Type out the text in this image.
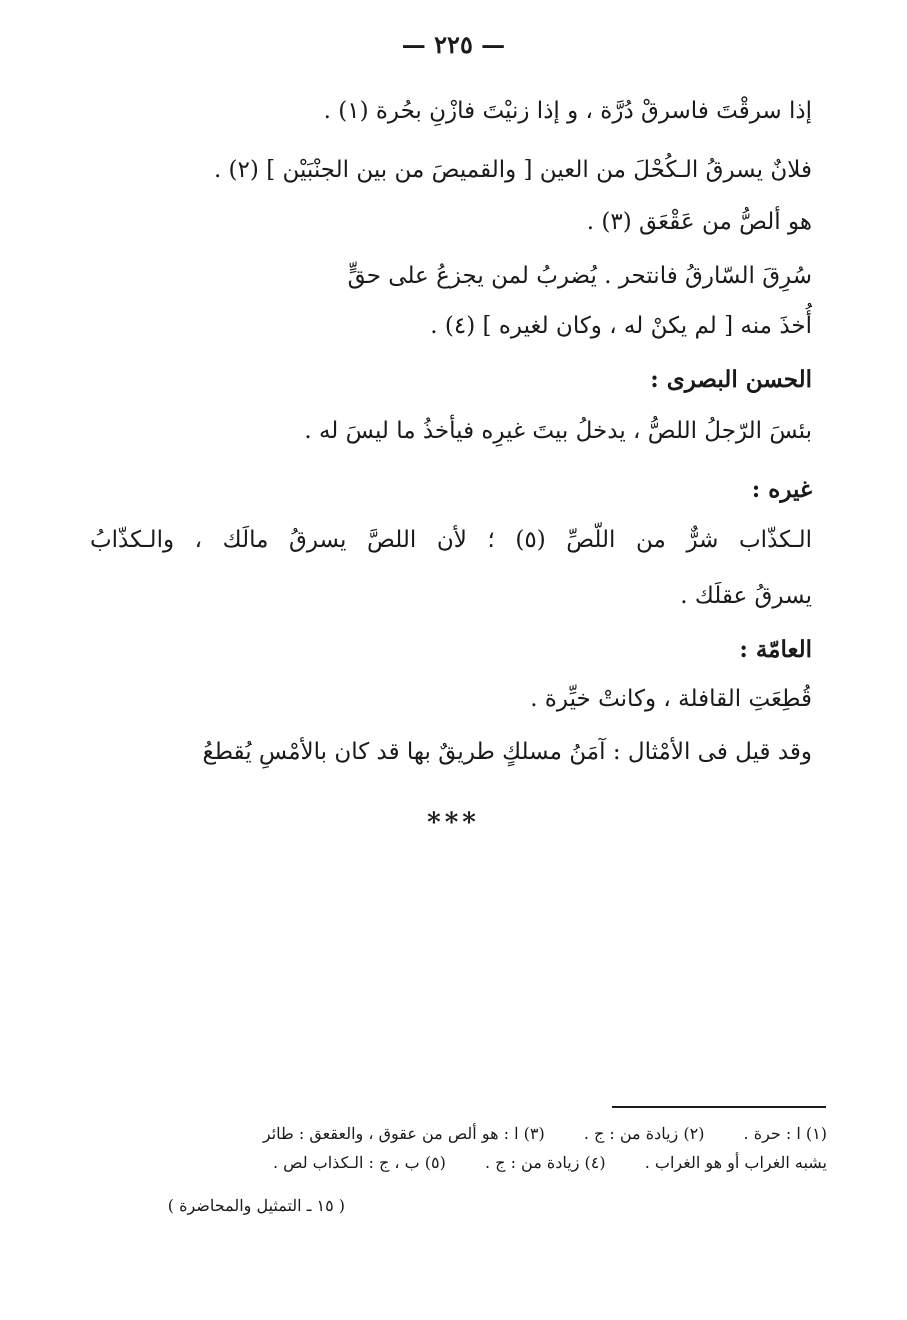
— ٢٢٥ —
إذا سرقْتَ فاسرقْ دُرَّة ، و إذا زنيْتَ فازْنِ بحُرة (١) .
فلانٌ يسرقُ الـكُحْلَ من العين [ والقميصَ من بين الجنْبَيْن ] (٢) .
هو ألصُّ من عَقْعَق (٣) .
سُرِقَ السّارقُ فانتحر . يُضربُ لمن يجزعُ على حقٍّ
أُخذَ منه [ لم يكنْ له ، وكان لغيره ] (٤) .
الحسن البصرى :
بئسَ الرّجلُ اللصُّ ، يدخلُ بيتَ غيرِه فيأخذُ ما ليسَ له .
غيره :
الـكذّاب شرٌّ من اللّصِّ (٥) ؛ لأن اللصَّ يسرقُ مالَك ، والـكذّابُ
يسرقُ عقلَك .
العامّة :
قُطِعَتِ القافلة ، وكانتْ خيِّرة .
وقد قيل فى الأمْثال : آمَنُ مسلكٍ طريقٌ بها قد كان بالأمْسِ يُقطعُ
***
(١) ا : حرة . (٢) زيادة من : ج . (٣) ا : هو ألص من عقوق ، والعقعق : طائر
يشبه الغراب أو هو الغراب . (٤) زيادة من : ج . (٥) ب ، ج : الـكذاب لص .
( ١٥ ـ التمثيل والمحاضرة )
